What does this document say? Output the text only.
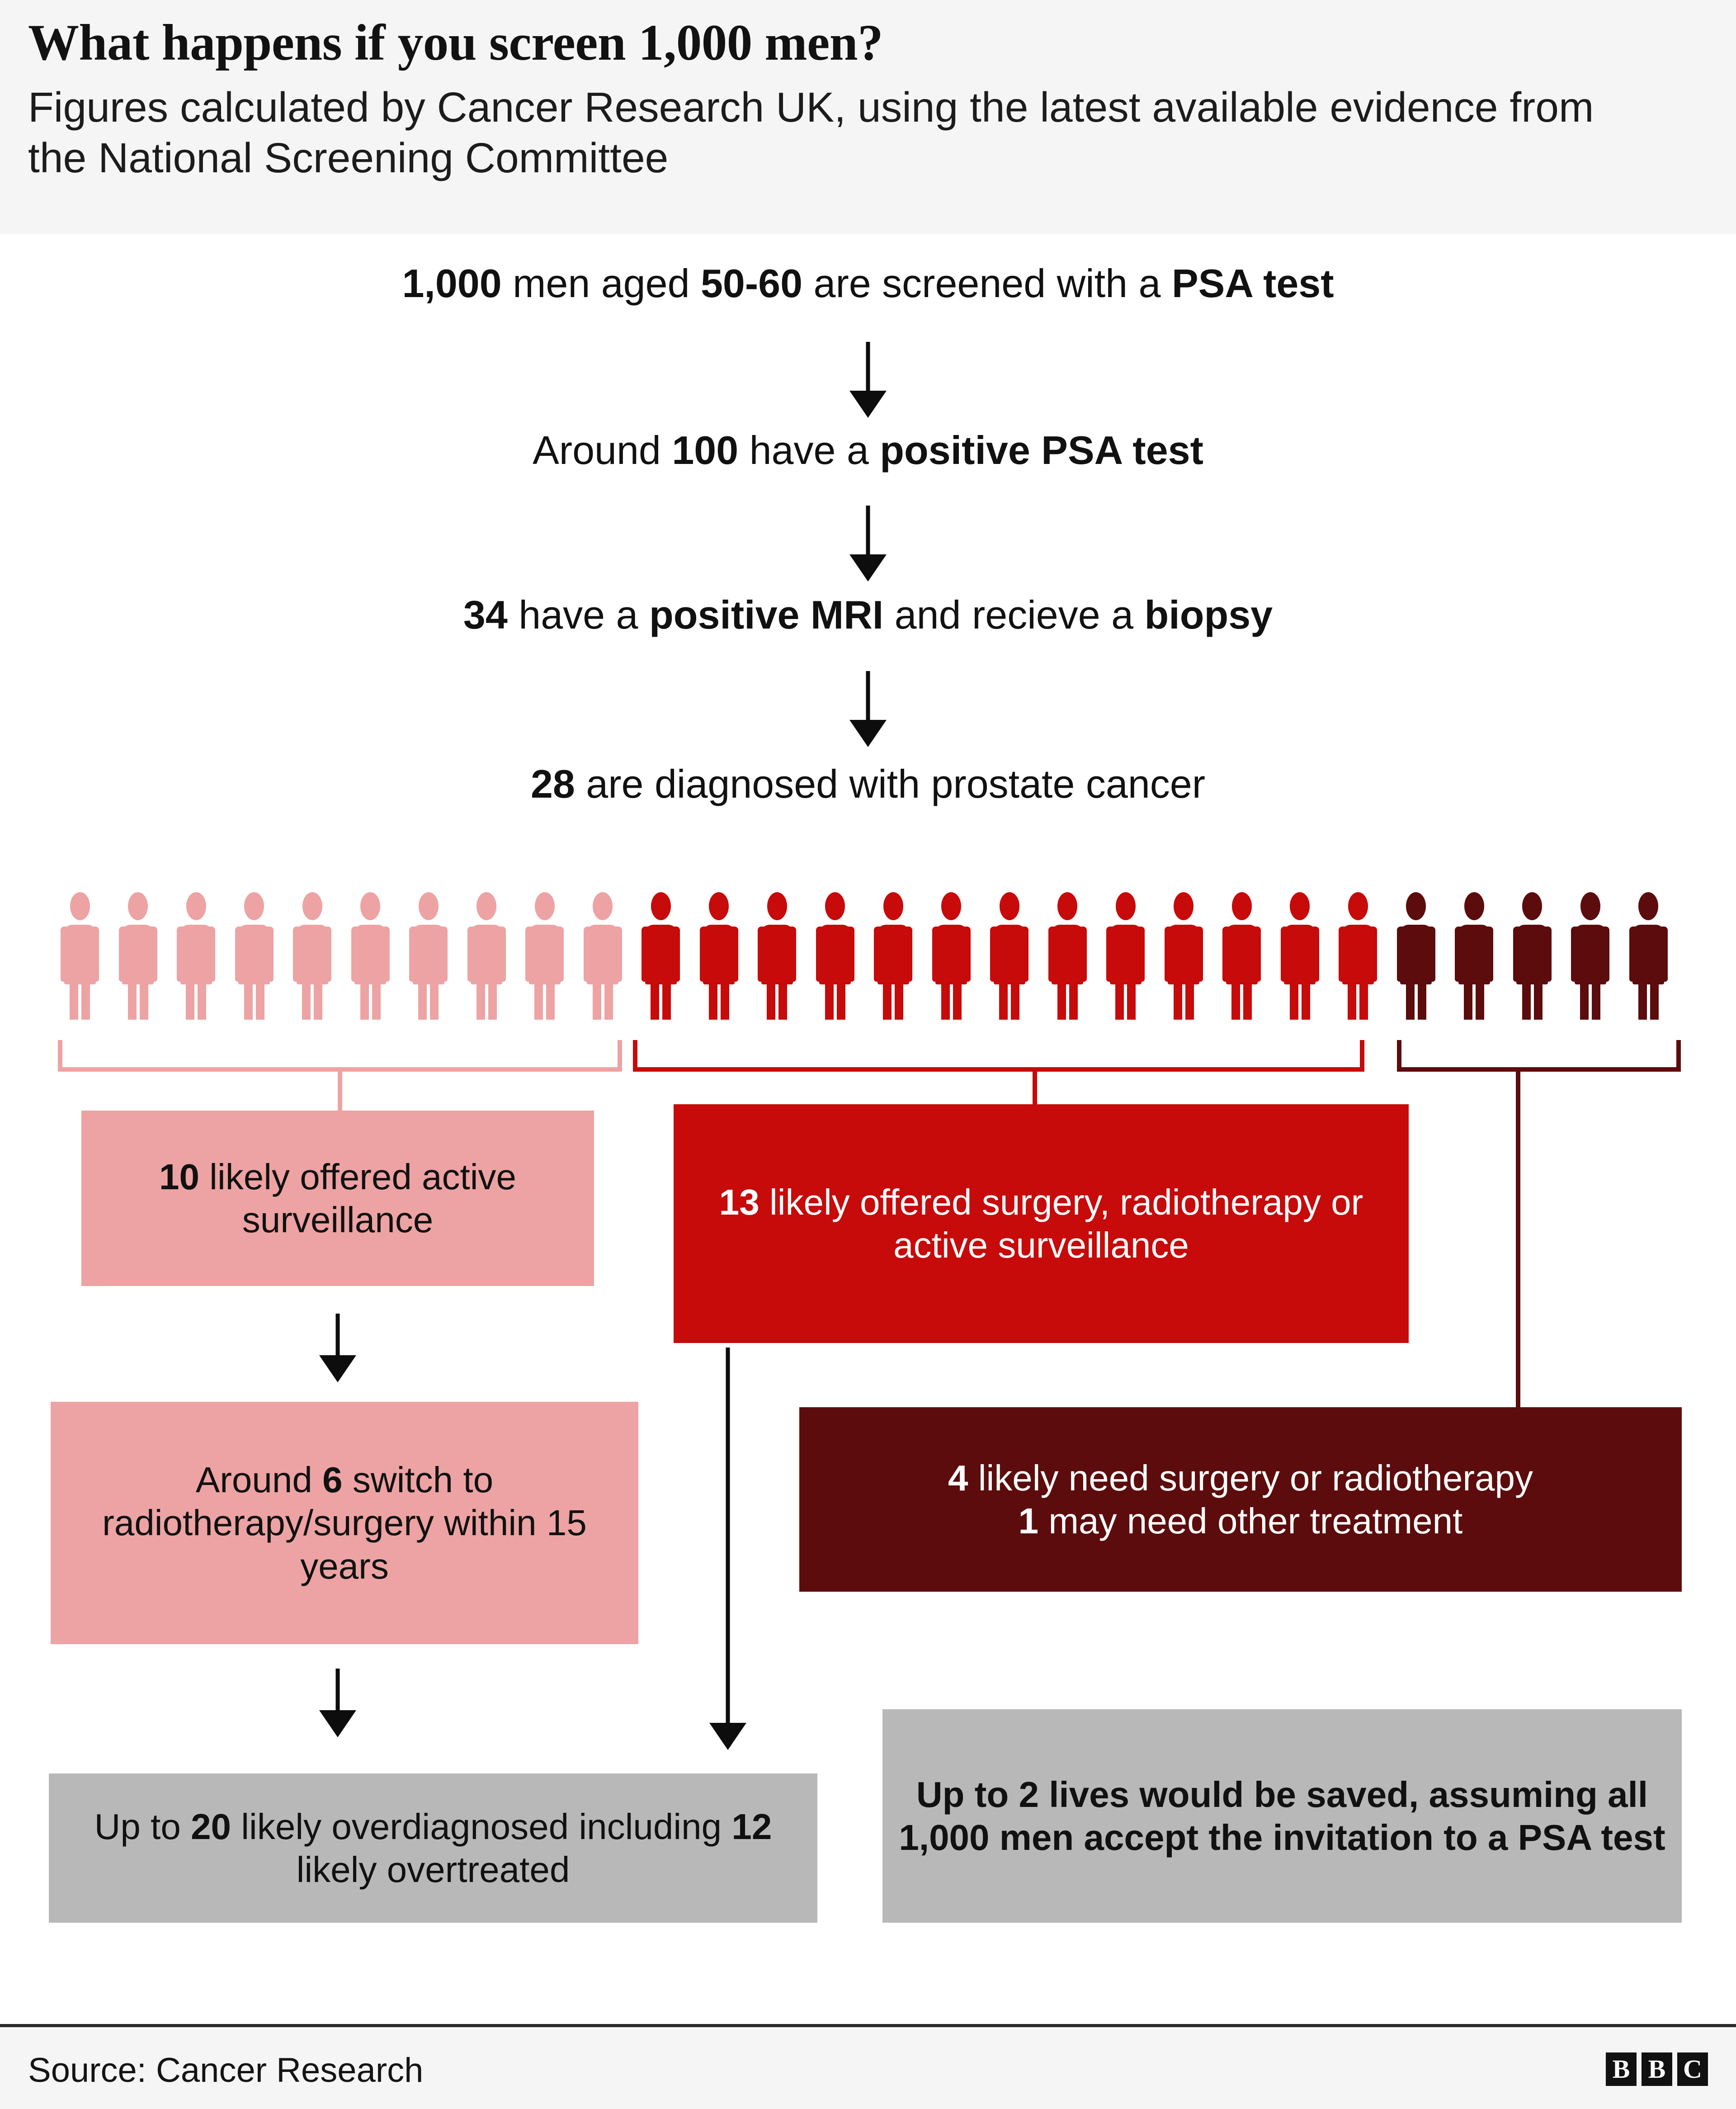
What happens if you screen 1,000 men?
Figures calculated by Cancer Research UK, using the latest available evidence from the National Screening Committee
1,000 men aged 50-60 are screened with a PSA test
Around 100 have a positive PSA test
34 have a positive MRI and recieve a biopsy
28 are diagnosed with prostate cancer
10 likely offered active surveillance
Around 6 switch to radiotherapy/surgery within 15 years
13 likely offered surgery, radiotherapy or active surveillance
4 likely need surgery or radiotherapy
1 may need other treatment
Up to 20 likely overdiagnosed including 12 likely overtreated
Up to 2 lives would be saved, assuming all 1,000 men accept the invitation to a PSA test
Source: Cancer Research	B B C
